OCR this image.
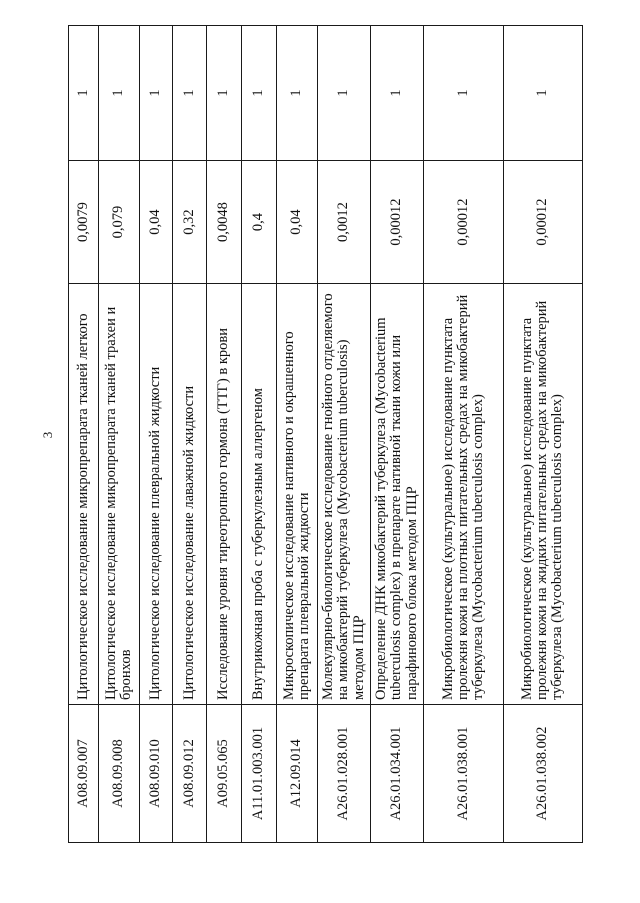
3
A08.09.007	Цитологическое исследование микропрепарата тканей легкого	0,0079	1
A08.09.008	Цитологическое исследование микропрепарата тканей трахеи и бронхов	0,079	1
A08.09.010	Цитологическое исследование плевральной жидкости	0,04	1
A08.09.012	Цитологическое исследование лаважной жидкости	0,32	1
A09.05.065	Исследование уровня тиреотропного гормона (ТТГ) в крови	0,0048	1
A11.01.003.001	Внутрикожная проба с туберкулезным аллергеном	0,4	1
A12.09.014	Микроскопическое исследование нативного и окрашенного препарата плевральной жидкости	0,04	1
A26.01.028.001	Молекулярно-биологическое исследование гнойного отделяемого на микобактерий туберкулеза (Mycobacterium tuberculosis) методом ПЦР	0,0012	1
A26.01.034.001	Определение ДНК микобактерий туберкулеза (Mycobacterium tuberculosis complex) в препарате нативной ткани кожи или парафинового блока методом ПЦР	0,00012	1
A26.01.038.001	Микробиологическое (культуральное) исследование пунктата пролежня кожи на плотных питательных средах на микобактерий туберкулеза (Mycobacterium tuberculosis complex)	0,00012	1
A26.01.038.002	Микробиологическое (культуральное) исследование пунктата пролежня кожи на жидких питательных средах на микобактерий туберкулеза (Mycobacterium tuberculosis complex)	0,00012	1
